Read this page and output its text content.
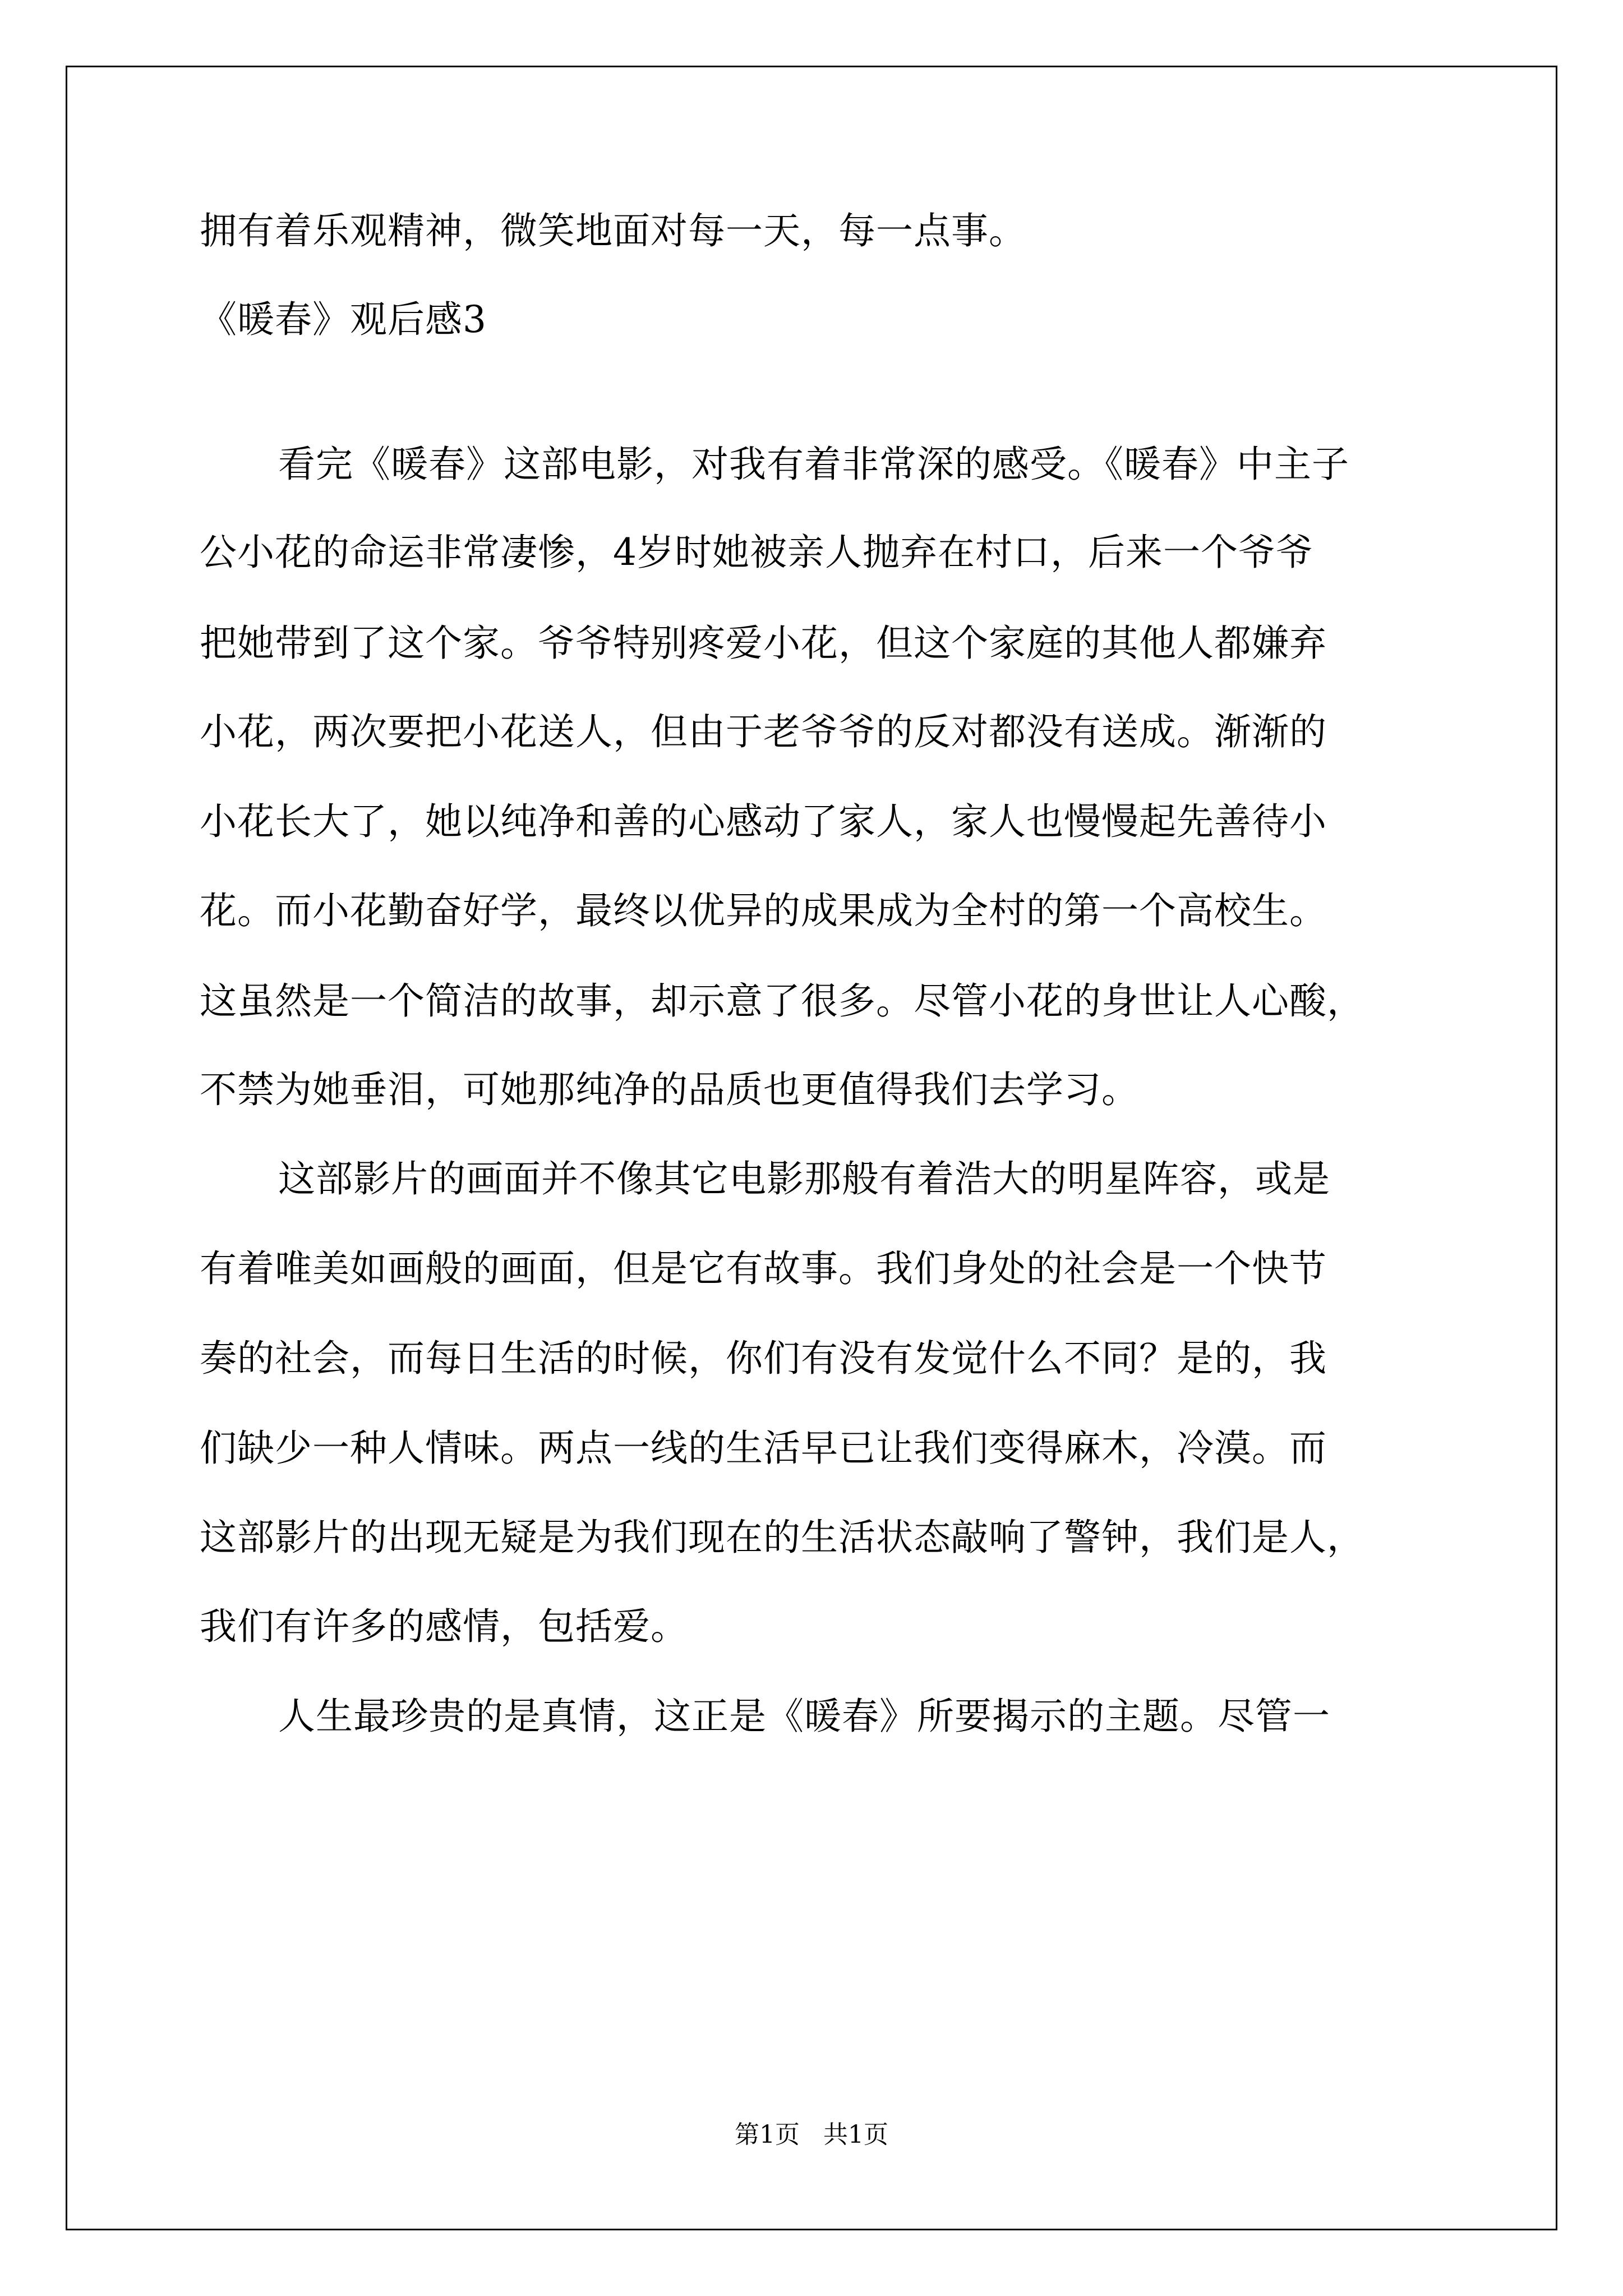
拥有着乐观精神，微笑地面对每一天，每一点事。

《暖春》观后感3

看完《暖春》这部电影，对我有着非常深的感受。《暖春》中主子

公小花的命运非常凄惨，4岁时她被亲人抛弃在村口，后来一个爷爷

把她带到了这个家。爷爷特别疼爱小花，但这个家庭的其他人都嫌弃

小花，两次要把小花送人，但由于老爷爷的反对都没有送成。渐渐的

小花长大了，她以纯净和善的心感动了家人，家人也慢慢起先善待小

花。而小花勤奋好学，最终以优异的成果成为全村的第一个高校生。

这虽然是一个简洁的故事，却示意了很多。尽管小花的身世让人心酸，

不禁为她垂泪，可她那纯净的品质也更值得我们去学习。

这部影片的画面并不像其它电影那般有着浩大的明星阵容，或是

有着唯美如画般的画面，但是它有故事。我们身处的社会是一个快节

奏的社会，而每日生活的时候，你们有没有发觉什么不同？是的，我

们缺少一种人情味。两点一线的生活早已让我们变得麻木，冷漠。而

这部影片的出现无疑是为我们现在的生活状态敲响了警钟，我们是人，

我们有许多的感情，包括爱。

人生最珍贵的是真情，这正是《暖春》所要揭示的主题。尽管一

第1页   共1页
